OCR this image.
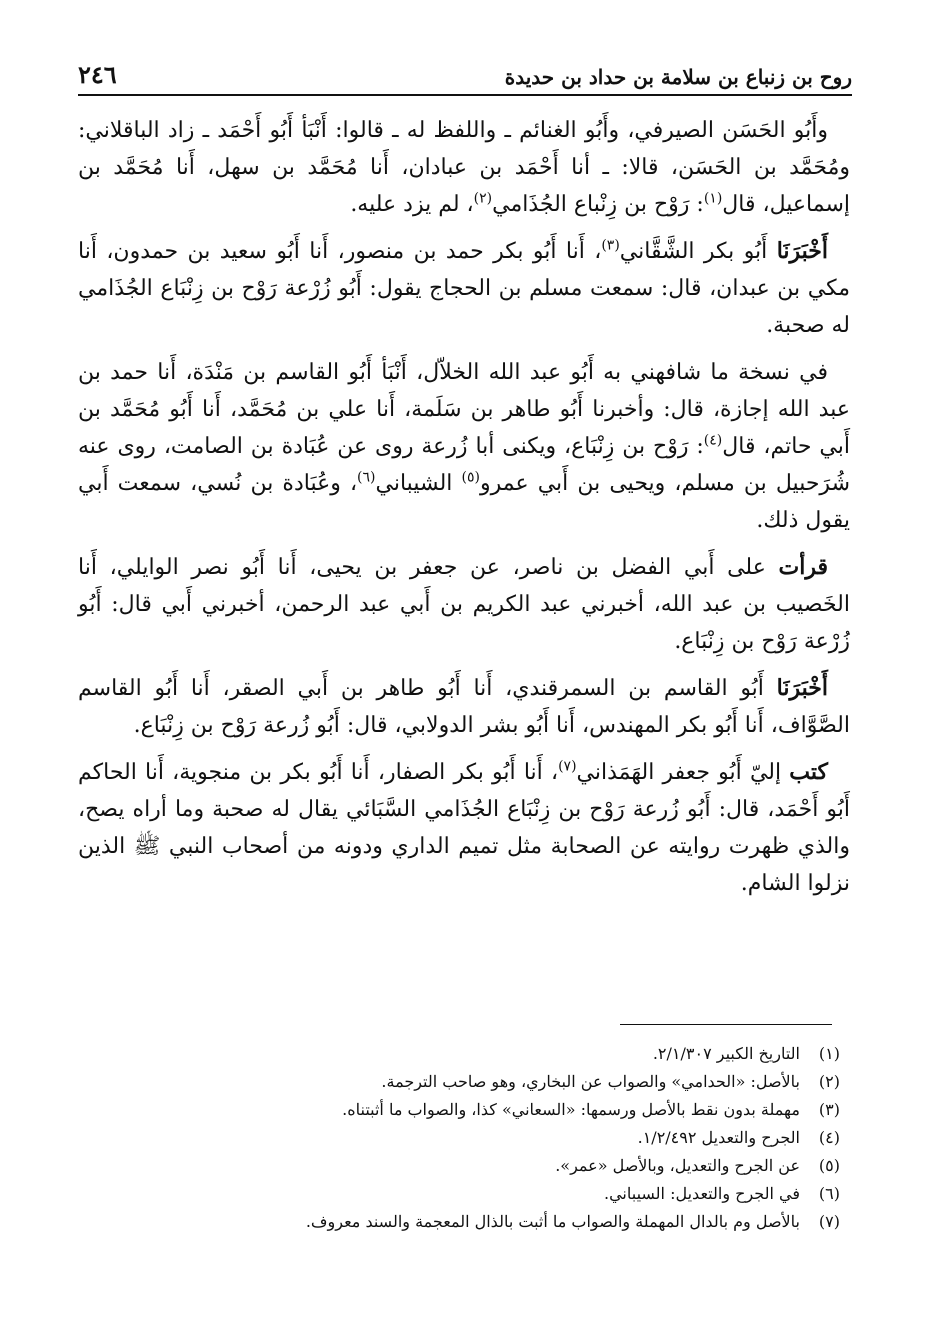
روح بن زنباع بن سلامة بن حداد بن حديدة
٢٤٦

وأَبُو الحَسَن الصيرفي، وأَبُو الغنائم ـ واللفظ له ـ قالوا: أَنْبَأ أَبُو أَحْمَد ـ زاد الباقلاني: ومُحَمَّد بن الحَسَن، قالا: ـ أنا أَحْمَد بن عبادان، أَنا مُحَمَّد بن سهل، أَنا مُحَمَّد بن إسماعيل، قال$^{(١)}$: رَوْح بن زِنْباع الجُذَامي$^{(٢)}$، لم يزد عليه.

أَخْبَرَنَا أَبُو بكر الشَّقَّاني$^{(٣)}$، أَنا أَبُو بكر حمد بن منصور، أَنا أَبُو سعيد بن حمدون، أَنا مكي بن عبدان، قال: سمعت مسلم بن الحجاج يقول: أَبُو زُرْعة رَوْح بن زِنْبَاع الجُذَامي له صحبة.

في نسخة ما شافهني به أَبُو عبد الله الخلاّل، أَنْبَأ أَبُو القاسم بن مَنْدَة، أَنا حمد بن عبد الله إجازة، قال: وأخبرنا أَبُو طاهر بن سَلَمة، أَنا علي بن مُحَمَّد، أَنا أَبُو مُحَمَّد بن أَبي حاتم، قال$^{(٤)}$: رَوْح بن زِنْبَاع، ويكنى أبا زُرعة روى عن عُبَادة بن الصامت، روى عنه شُرَحبيل بن مسلم، ويحيى بن أَبي عمرو$^{(٥)}$ الشيباني$^{(٦)}$، وعُبَادة بن نُسي، سمعت أَبي يقول ذلك.

قرأت على أَبي الفضل بن ناصر، عن جعفر بن يحيى، أَنا أَبُو نصر الوايلي، أَنا الخَصيب بن عبد الله، أخبرني عبد الكريم بن أَبي عبد الرحمن، أخبرني أَبي قال: أَبُو زُرْعة رَوْح بن زِنْبَاع.

أَخْبَرَنَا أَبُو القاسم بن السمرقندي، أَنا أَبُو طاهر بن أَبي الصقر، أَنا أَبُو القاسم الصَّوَّاف، أَنا أَبُو بكر المهندس، أَنا أَبُو بشر الدولابي، قال: أَبُو زُرعة رَوْح بن زِنْبَاع.

كتب إليّ أَبُو جعفر الهَمَذاني$^{(٧)}$، أَنا أَبُو بكر الصفار، أَنا أَبُو بكر بن منجوية، أَنا الحاكم أَبُو أَحْمَد، قال: أَبُو زُرعة رَوْح بن زِنْبَاع الجُذَامي السَّبَائي يقال له صحبة وما أراه يصح، والذي ظهرت روايته عن الصحابة مثل تميم الداري ودونه من أصحاب النبي ﷺ الذين نزلوا الشام.

(١)
التاريخ الكبير ٢/١/٣٠٧.
(٢)
بالأصل: «الحدامي» والصواب عن البخاري، وهو صاحب الترجمة.
(٣)
مهملة بدون نقط بالأصل ورسمها: «السعاني» كذا، والصواب ما أثبتناه.
(٤)
الجرح والتعديل ١/٢/٤٩٢.
(٥)
عن الجرح والتعديل، وبالأصل «عمر».
(٦)
في الجرح والتعديل: السيباني.
(٧)
بالأصل وم بالدال المهملة والصواب ما أثبت بالذال المعجمة والسند معروف.
